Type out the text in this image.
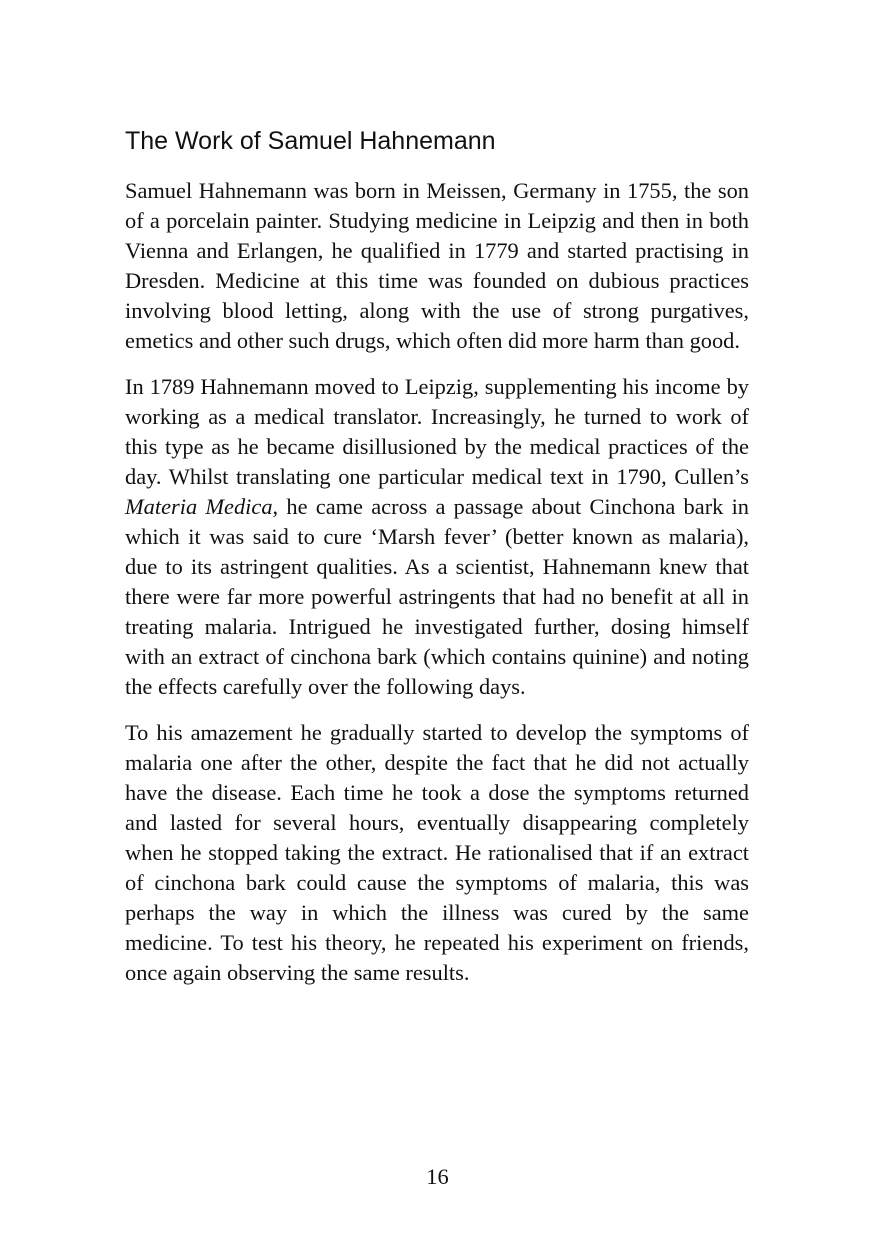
The Work of Samuel Hahnemann

Samuel Hahnemann was born in Meissen, Germany in 1755, the son of a porcelain painter. Studying medicine in Leipzig and then in both Vienna and Erlangen, he qualified in 1779 and started practising in Dresden. Medicine at this time was founded on dubious practices involving blood letting, along with the use of strong purgatives, emetics and other such drugs, which often did more harm than good.

In 1789 Hahnemann moved to Leipzig, supplementing his income by working as a medical translator. Increasingly, he turned to work of this type as he became disillusioned by the medical practices of the day. Whilst translating one particular medical text in 1790, Cullen’s Materia Medica, he came across a passage about Cinchona bark in which it was said to cure ‘Marsh fever’ (better known as malaria), due to its astringent qualities. As a scientist, Hahnemann knew that there were far more powerful astringents that had no benefit at all in treating malaria. Intrigued he investigated further, dosing himself with an extract of cinchona bark (which contains quinine) and noting the effects carefully over the following days.

To his amazement he gradually started to develop the symptoms of malaria one after the other, despite the fact that he did not actually have the disease. Each time he took a dose the symptoms returned and lasted for several hours, eventually disappearing completely when he stopped taking the extract. He rationalised that if an extract of cinchona bark could cause the symptoms of malaria, this was perhaps the way in which the illness was cured by the same medicine. To test his theory, he repeated his experiment on friends, once again observing the same results.

16
